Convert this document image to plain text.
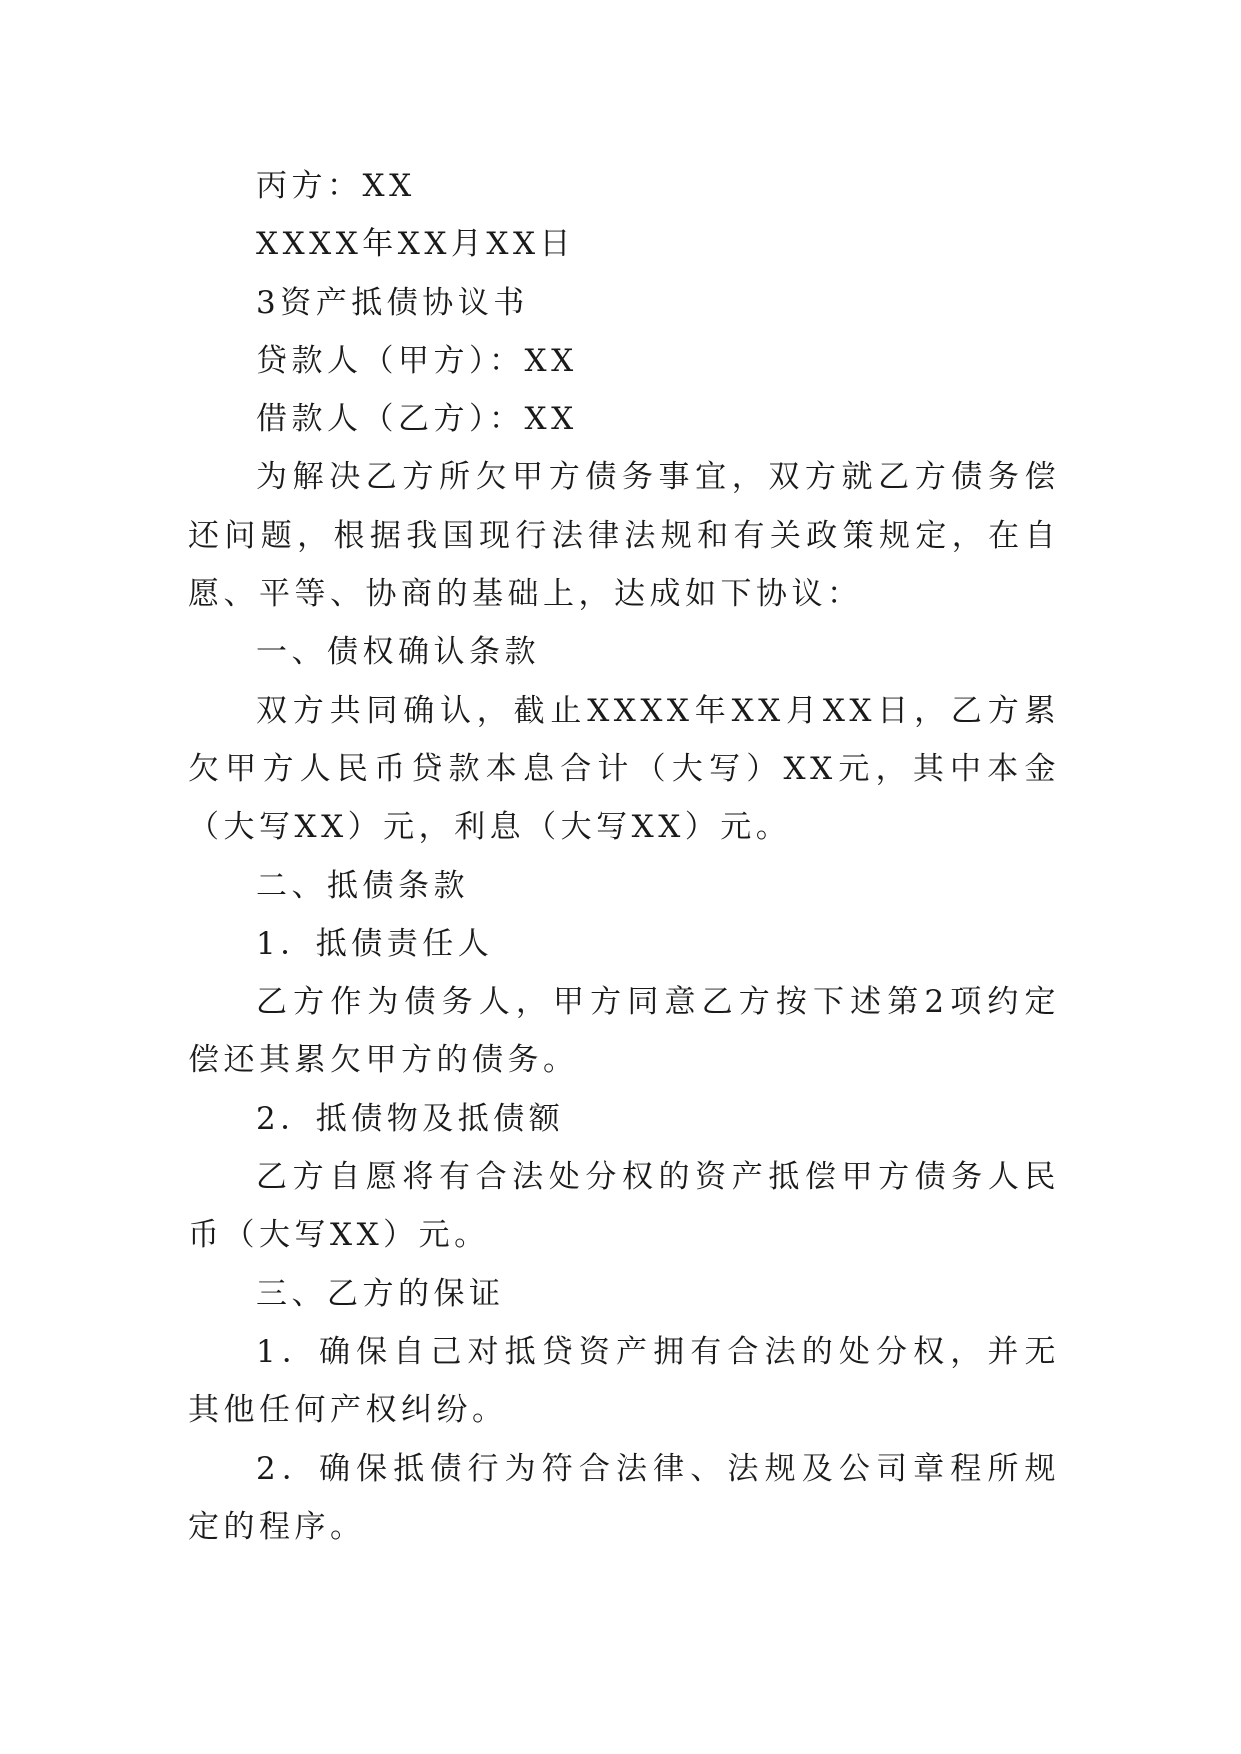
丙方：XX

XXXX年XX月XX日

3资产抵债协议书

贷款人（甲方）：XX

借款人（乙方）：XX

为解决乙方所欠甲方债务事宜，双方就乙方债务偿还问题，根据我国现行法律法规和有关政策规定，在自愿、平等、协商的基础上，达成如下协议：

一、债权确认条款

双方共同确认，截止XXXX年XX月XX日，乙方累欠甲方人民币贷款本息合计（大写）XX元，其中本金（大写XX）元，利息（大写XX）元。

二、抵债条款

1．抵债责任人

乙方作为债务人，甲方同意乙方按下述第2项约定偿还其累欠甲方的债务。

2．抵债物及抵债额

乙方自愿将有合法处分权的资产抵偿甲方债务人民币（大写XX）元。

三、乙方的保证

1．确保自己对抵贷资产拥有合法的处分权，并无其他任何产权纠纷。

2．确保抵债行为符合法律、法规及公司章程所规定的程序。
